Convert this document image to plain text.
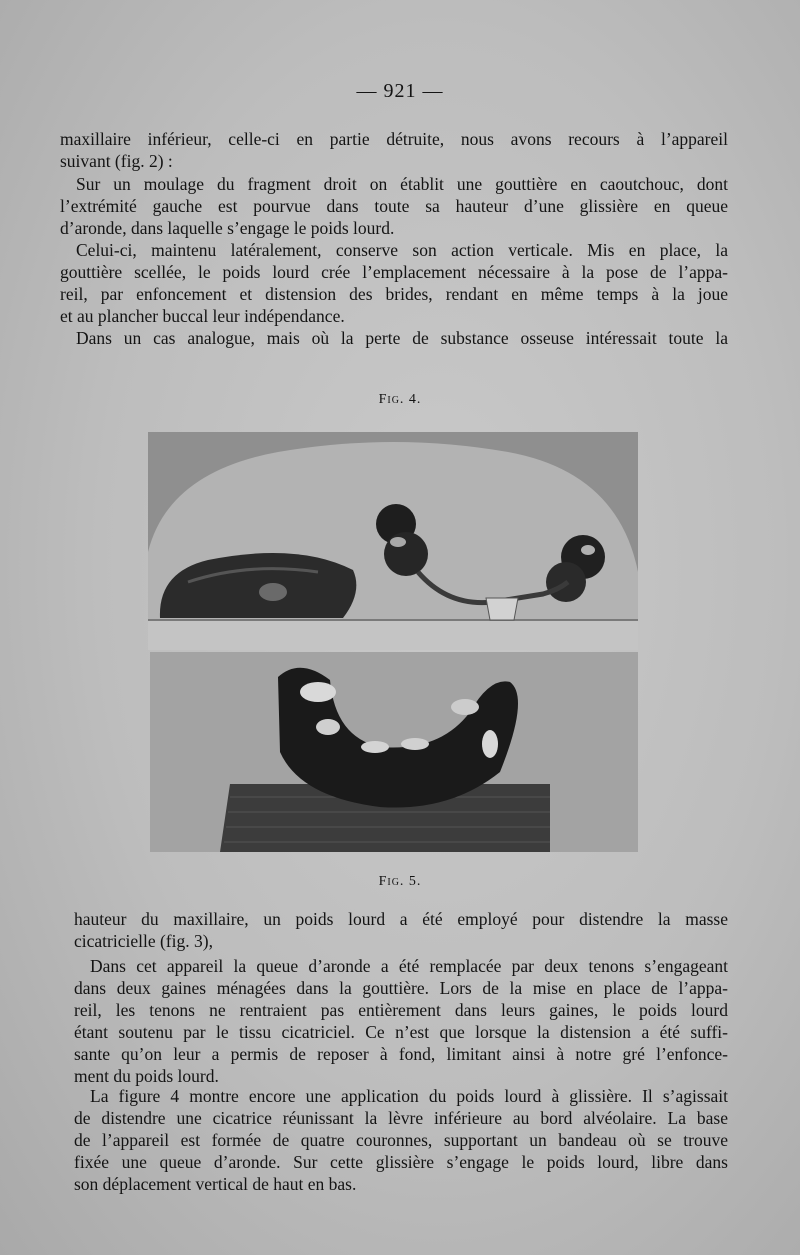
— 921 —
maxillaire inférieur, celle-ci en partie détruite, nous avons recours à l’appareil
suivant (fig. 2) :
Sur un moulage du fragment droit on établit une gouttière en caoutchouc, dont
l’extrémité gauche est pourvue dans toute sa hauteur d’une glissière en queue
d’aronde, dans laquelle s’engage le poids lourd.
Celui-ci, maintenu latéralement, conserve son action verticale. Mis en place, la
gouttière scellée, le poids lourd crée l’emplacement nécessaire à la pose de l’appa-
reil, par enfoncement et distension des brides, rendant en même temps à la joue
et au plancher buccal leur indépendance.
Dans un cas analogue, mais où la perte de substance osseuse intéressait toute la
Fig. 4.
Fig. 5.
hauteur du maxillaire, un poids lourd a été employé pour distendre la masse
cicatricielle (fig. 3),
Dans cet appareil la queue d’aronde a été remplacée par deux tenons s’engageant
dans deux gaines ménagées dans la gouttière. Lors de la mise en place de l’appa-
reil, les tenons ne rentraient pas entièrement dans leurs gaines, le poids lourd
étant soutenu par le tissu cicatriciel. Ce n’est que lorsque la distension a été suffi-
sante qu’on leur a permis de reposer à fond, limitant ainsi à notre gré l’enfonce-
ment du poids lourd.
La figure 4 montre encore une application du poids lourd à glissière. Il s’agissait
de distendre une cicatrice réunissant la lèvre inférieure au bord alvéolaire. La base
de l’appareil est formée de quatre couronnes, supportant un bandeau où se trouve
fixée une queue d’aronde. Sur cette glissière s’engage le poids lourd, libre dans
son déplacement vertical de haut en bas.
